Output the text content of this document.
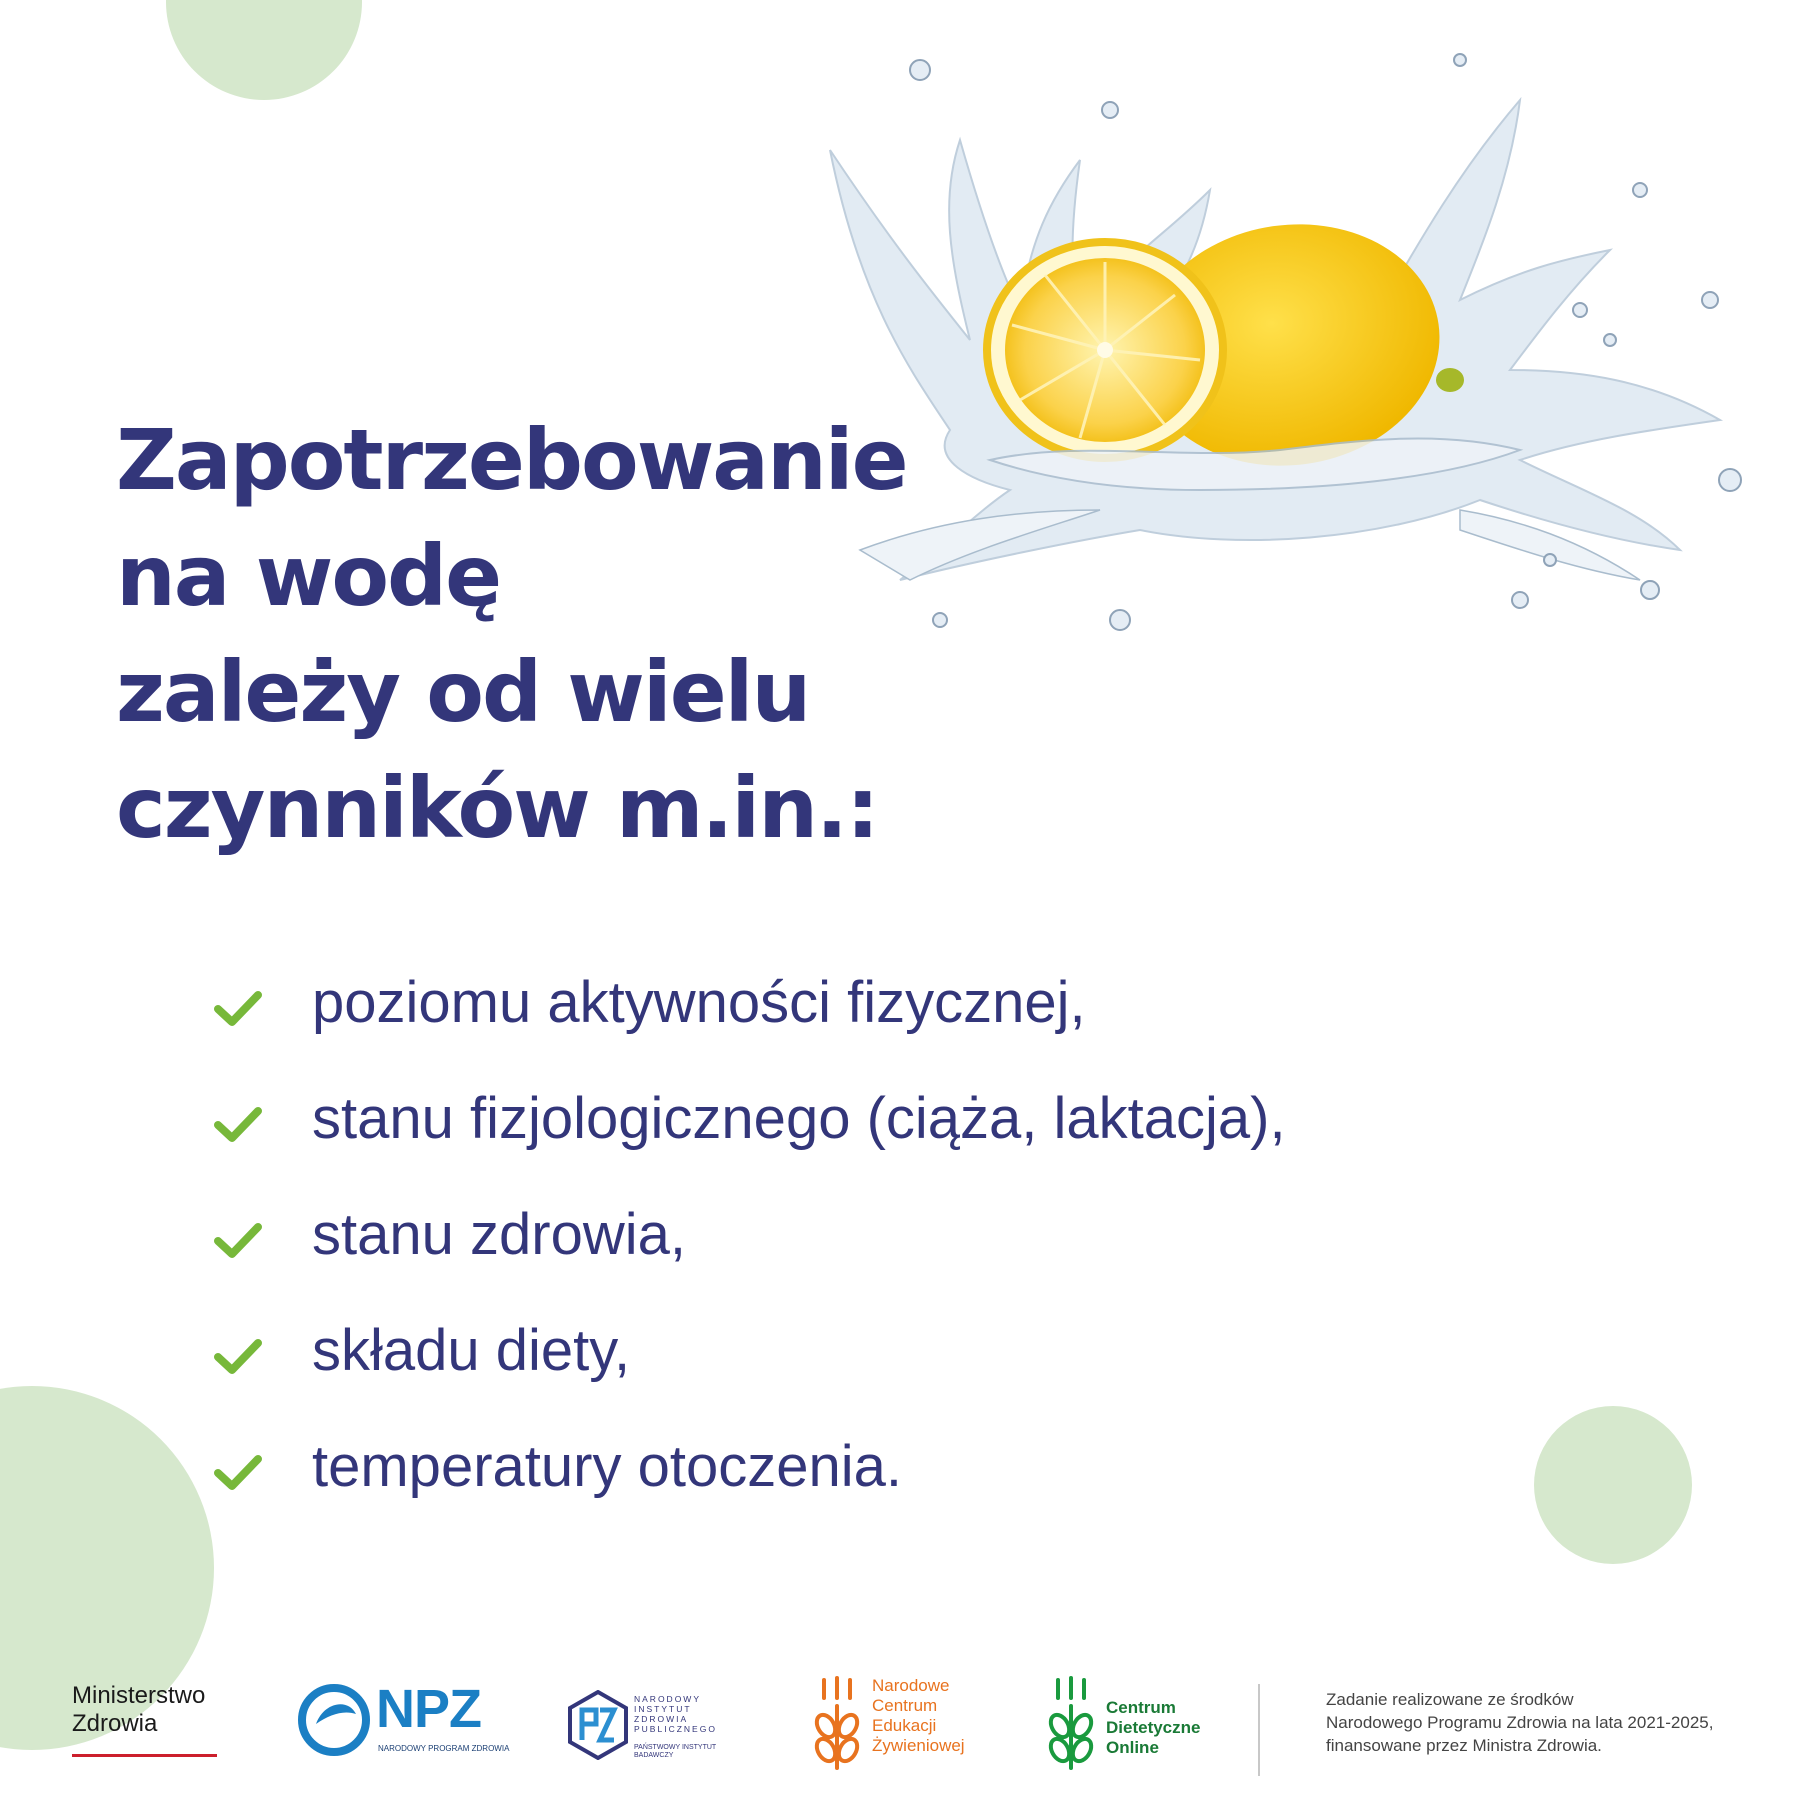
Zapotrzebowanie
na wodę
zależy od wielu
czynników m.in.:
poziomu aktywności fizycznej,
stanu fizjologicznego (ciąża, laktacja),
stanu zdrowia,
składu diety,
temperatury otoczenia.
Ministerstwo
Zdrowia	NPZ
NARODOWY PROGRAM ZDROWIA
NARODOWY
INSTYTUT
ZDROWIA
PUBLICZNEGO
PAŃSTWOWY INSTYTUT
BADAWCZY
Narodowe
Centrum
Edukacji
Żywieniowej
Centrum
Dietetyczne
Online
Zadanie realizowane ze środków
Narodowego Programu Zdrowia na lata 2021-2025,
finansowane przez Ministra Zdrowia.
